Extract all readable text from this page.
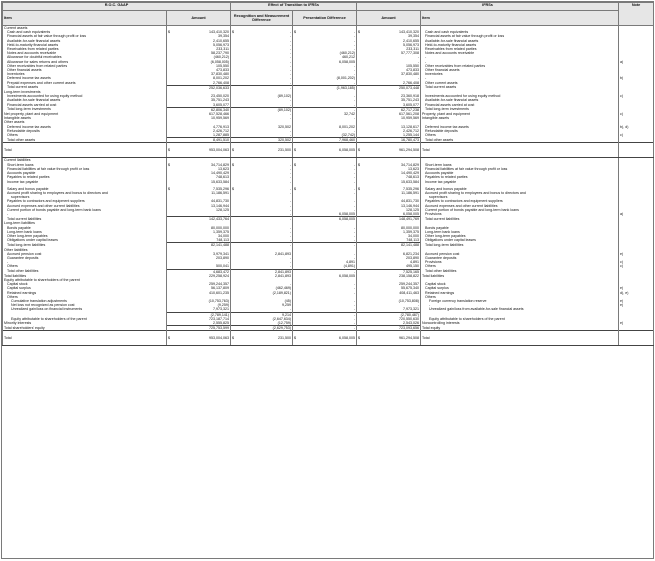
R.O.C. GAAP		Effect of Transition to IFRSs		IFRSs		Note
Item	Amount	Recognition and Measurement Difference	Presentation Difference	Amount	Item	
Current assets						
Cash and cash equivalents	$ 143,410,320	$ -	$ -	$ 143,410,320	Cash and cash equivalents	
Financial assets at fair value through profit or loss	39,354	-	-	39,354	Financial assets at fair value through profit or loss	
Available-for-sale financial assets	2,410,655	-	-	2,410,655	Available-for-sale financial assets	
Held-to-maturity financial assets	5,056,973	-	-	5,056,973	Held-to-maturity financial assets	
Receivables from related parties	233,311	-	-	233,311	Receivables from related parties	
Notes and accounts receivable	58,237,790	-	(460,212)	57,777,308	Notes and accounts receivable	
Allowance for doubtful receivables	(460,212)	-	460,212	-	-	
Allowance for sales returns and others	(6,058,005)	-	6,058,005	-	-	a)
Other receivables from related parties	105,550	-	-	105,550	Other receivables from related parties	
Other financial assets	473,833	-	-	473,833	Other financial assets	
Inventories	37,830,480	-	-	37,830,480	Inventories	
Deferred income tax assets	8,001,202	-	(8,001,202)	-	-	b)
Prepaid expenses and other current assets	2,766,408	-	-	2,766,408	Other current assets	
Total current assets	252,036,633	-	(1,963,185)	250,073,448	Total current assets	
Long-term investments						
Investments accounted for using equity method	23,450,020	(89,102)	-	23,360,918	Investments accounted for using equity method	c)
Available-for-sale financial assets	35,751,243	-	-	35,751,243	Available-for-sale financial assets	
Financial assets carried at cost	3,605,077	-	-	3,605,077	Financial assets carried at cost	
Total long-term investments	62,806,340	(89,102)	-	62,717,238	Total long-term investments	
Net property, plant and equipment	617,528,466	-	32,742	617,561,208	Property, plant and equipment	c)
Intangible assets	10,959,569	-	-	10,959,569	Intangible assets	
Other assets						
Deferred income tax assets	4,776,913	320,502	8,001,202	13,128,617	Deferred income tax assets	b), d)
Refundable deposits	2,426,712	-	-	2,426,712	Refundable deposits	
Others	1,287,885	-	(32,742)	1,255,144	Others	c)
Total other assets	8,491,510	320,502	7,968,460	16,780,473	Total other assets	
Total	$ 953,004,063	$ 231,500	$ 6,058,005	$ 961,294,508	Total	
Current liabilities						
Short-term loans	$ 34,714,829	$ -	$ -	$ 34,714,829	Short-term loans	
Financial liabilities at fair value through profit or loss	13,623	-	-	13,623	Financial liabilities at fair value through profit or loss	
Accounts payable	14,490,429	-	-	14,490,429	Accounts payable	
Payables to related parties	748,613	-	-	748,613	Payables to related parties	
Income tax payable	15,633,584	-	-	15,633,584	Income tax payable	

Salary and bonus payable	$ 7,535,296	$ -	$ -	$ 7,535,296	Salary and bonus payable	
Accrued profit sharing to employees and bonus to directors and	11,186,591	-	-	11,186,591	Accrued profit sharing to employees and bonus to directors and	
supervisors					supervisors	
Payables to contractors and equipment suppliers	44,831,730	-	-	44,831,730	Payables to contractors and equipment suppliers	
Accrued expenses and other current liabilities	13,146,944	-	-	13,146,944	Accrued expenses and other current liabilities	
Current portion of bonds payable and long-term bank loans	128,125	-	-	128,125	Current portion of bonds payable and long-term bank loans	
-	-	-	6,058,005	6,058,005	Provisions	a)
Total current liabilities	142,433,764	-	6,058,005	148,491,769	Total current liabilities	
Long-term liabilities						
Bonds payable	80,000,000	-	-	80,000,000	Bonds payable	
Long-term bank loans	1,359,375	-	-	1,359,375	Long-term bank loans	
Other long-term payables	34,000	-	-	34,000	Other long-term payables	
Obligations under capital leases	748,113	-	-	748,113	Obligations under capital leases	
Total long-term liabilities	82,141,488	-	-	82,141,488	Total long-term liabilities	
Other liabilities						
Accrued pension cost	3,979,341	2,841,893	-	6,821,234	Accrued pension cost	e)
Guarantee deposits	203,890	-	-	203,890	Guarantee deposits	
-	-	-	4,891	4,891	Provisions	c)
Others	500,041	-	(4,891)	495,150	Others	c)
Total other liabilities	4,683,472	2,841,893	-	7,525,165	Total other liabilities	
Total liabilities	229,258,924	2,841,893	6,058,005	238,158,822	Total liabilities	
Equity attributable to shareholders of the parent						
Capital stock	259,244,357	-	-	259,244,357	Capital stock	
Capital surplus	56,137,809	(462,469)	-	55,675,340	Capital surplus	e)
Retained earnings	410,601,235	(2,189,821)	-	408,411,463	Retained earnings	d), e)
Others					Others	
Cumulative translation adjustments	(10,753,763)	(45)	-	(10,753,808)	Foreign currency translation reserve	e)
Net loss not recognized as pension cost	(9,259)	9,259	-	-	-	e)
Unrealized gain/loss on financial instruments	7,973,321	-	-	7,973,321	Unrealized gain/loss from available-for-sale financial assets	
	(2,789,141)	9,214	-	(2,780,487)		
Equity attributable to shareholders of the parent	723,187,714	(2,647,634)	-	720,550,630	Equity attributable to shareholders of the parent	
Minority interests	2,555,825	(12,759)	-	2,543,026	Noncontrolling interests	e)
Total shareholders' equity	725,753,599	(2,629,753)	-	723,093,656	Total equity	
Total	$ 953,004,063	$ 231,500	$ 6,058,005	$ 961,294,508	Total	
